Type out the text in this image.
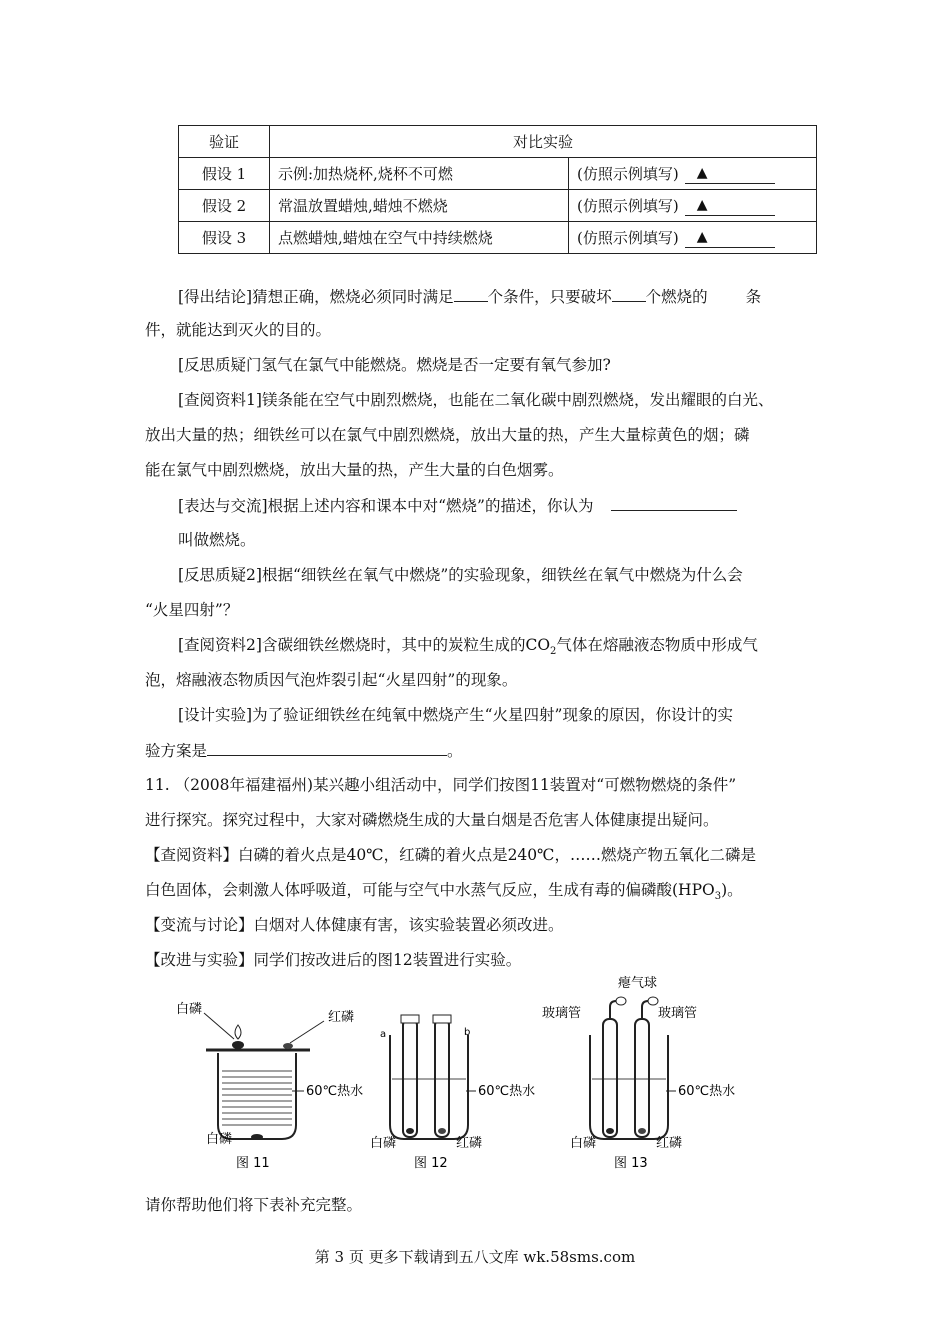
验证	对比实验	
假设 1	示例:加热烧杯,烧杯不可燃	(仿照示例填写) ▲

假设 2	常温放置蜡烛,蜡烛不燃烧	(仿照示例填写) ▲

假设 3	点燃蜡烛,蜡烛在空气中持续燃烧	(仿照示例填写) ▲
[得出结论]猜想正确，燃烧必须同时满足 个条件，只要破坏 个燃烧的 条
件，就能达到灭火的目的。
[反思质疑门氢气在氯气中能燃烧。燃烧是否一定要有氧气参加?
[查阅资料1]镁条能在空气中剧烈燃烧，也能在二氧化碳中剧烈燃烧，发出耀眼的白光、
放出大量的热；细铁丝可以在氯气中剧烈燃烧，放出大量的热，产生大量棕黄色的烟；磷
能在氯气中剧烈燃烧，放出大量的热，产生大量的白色烟雾。
[表达与交流]根据上述内容和课本中对“燃烧”的描述，你认为
叫做燃烧。
[反思质疑2]根据“细铁丝在氧气中燃烧”的实验现象，细铁丝在氧气中燃烧为什么会
“火星四射”？
[查阅资料2]含碳细铁丝燃烧时，其中的炭粒生成的$CO_2$气体在熔融液态物质中形成气
泡，熔融液态物质因气泡炸裂引起“火星四射”的现象。
[设计实验]为了验证细铁丝在纯氧中燃烧产生“火星四射”现象的原因，你设计的实
验方案是	。
11. （2008年福建福州)某兴趣小组活动中，同学们按图11装置对“可燃物燃烧的条件”
进行探究。探究过程中，大家对磷燃烧生成的大量白烟是否危害人体健康提出疑问。
【查阅资料】白磷的着火点是40℃，红磷的着火点是240℃，……燃烧产物五氧化二磷是
白色固体，会刺激人体呼吸道，可能与空气中水蒸气反应，生成有毒的偏磷酸$(HPO_3)$。
【变流与讨论】白烟对人体健康有害，该实验装置必须改进。
【改进与实验】同学们按改进后的图12装置进行实验。
白磷
红磷
60℃热水
白磷
图 11
a	b
60℃热水
白磷	红磷
图 12
瘪气球
玻璃管	玻璃管
60℃热水
白磷	红磷
图 13
请你帮助他们将下表补充完整。
第 3 页 更多下载请到五八文库 wk.58sms.com
